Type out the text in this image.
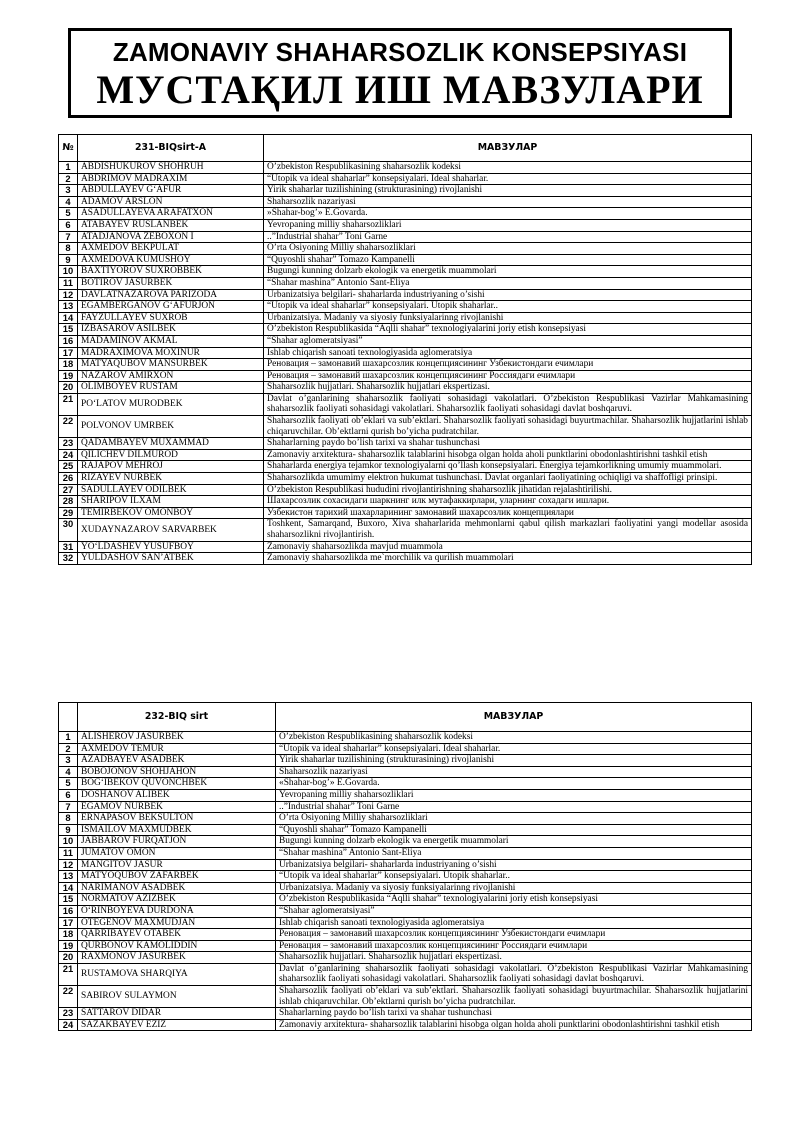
ZAMONAVIY SHAHARSOZLIK KONSEPSIYASI
МУСТАҚИЛ ИШ МАВЗУЛАРИ
№	231-BIQsirt-A	МАВЗУЛАР
1	ABDISHUKUROV SHOHRUH	O’zbekiston Respublikasining shaharsozlik kodeksi
2	ABDRIMOV MADRAXIM	“Utopik va ideal shaharlar” konsepsiyalari. Ideal shaharlar.
3	ABDULLAYEV G‘AFUR	Yirik shaharlar tuzilishining (strukturasining) rivojlanishi
4	ADAMOV ARSLON	Shaharsozlik nazariyasi
5	ASADULLAYEVA ARAFATXON	»Shahar-bog’» E.Govarda.
6	ATABAYEV RUSLANBEK	Yevropaning milliy shaharsozliklari
7	ATADJANOVA ZEBOXON I	..”Industrial shahar” Toni Garne
8	AXMEDOV BEKPULAT	O’rta Osiyoning Milliy shaharsozliklari
9	AXMEDOVA KUMUSHOY	“Quyoshli shahar” Tomazo Kampanelli
10	BAXTIYOROV SUXROBBEK	Bugungi kunning dolzarb ekologik va energetik muammolari
11	BOTIROV JASURBEK	“Shahar mashina” Antonio Sant-Eliya
12	DAVLATNAZAROVA PARIZODA	Urbanizatsiya belgilari- shaharlarda industriyaning o’sishi
13	EGAMBERGANOV G‘AFURJON	“Utopik va ideal shaharlar” konsepsiyalari. Utopik shaharlar..
14	FAYZULLAYEV SUXROB	Urbanizatsiya. Madaniy va siyosiy funksiyalarinng rivojlanishi
15	IZBASAROV ASILBEK	O’zbekiston Respublikasida “Aqlli shahar” texnologiyalarini joriy etish konsepsiyasi
16	MADAMINOV AKMAL	“Shahar aglomeratsiyasi”
17	MADRAXIMOVA MOXINUR	Ishlab chiqarish sanoati texnologiyasida aglomeratsiya
18	MATYAQUBOV MANSURBEK	Реновация – замонавий шахарсозлик концепциясининг Узбекистондаги ечимлари
19	NAZAROV AMIRXON	Реновация – замонавий шахарсозлик концепциясининг Россиядаги ечимлари
20	OLIMBOYEV RUSTAM	Shaharsozlik hujjatlari. Shaharsozlik hujjatlari ekspertizasi.
21	PO‘LATOV MURODBEK	Davlat o’ganlarining shaharsozlik faoliyati sohasidagi vakolatlari. O’zbekiston Respublikasi Vazirlar Mahkamasining shaharsozlik faoliyati sohasidagi vakolatlari. Shaharsozlik faoliyati sohasidagi davlat boshqaruvi.
22	POLVONOV UMRBEK	Shaharsozlik faoliyati ob’eklari va sub’ektlari. Shaharsozlik faoliyati sohasidagi buyurtmachilar. Shaharsozlik hujjatlarini ishlab chiqaruvchilar. Ob’ektlarni qurish bo’yicha pudratchilar.
23	QADAMBAYEV MUXAMMAD	Shaharlarning paydo bo’lish tarixi va shahar tushunchasi
24	QILICHEV DILMUROD	Zamonaviy arxitektura- shaharsozlik talablarini hisobga olgan holda aholi punktlarini obodonlashtirishni tashkil etish
25	RAJAPOV MEHROJ	Shaharlarda energiya tejamkor texnologiyalarni qo’llash konsepsiyalari. Energiya tejamkorlikning umumiy muammolari.
26	RIZAYEV NURBEK	Shaharsozlikda umumimy elektron hukumat tushunchasi. Davlat organlari faoliyatining ochiqligi va shaffofligi prinsipi.
27	SADULLAYEV ODILBEK	O’zbekiston Respublikasi hududini rivojlantirishning shaharsozlik jihatidan rejalashtirilishi.
28	SHARIPOV ILXAM	Шахарсозлик сохасидаги шаркнинг илк мутафаккирлари, уларнинг сохадаги ишлари.
29	TEMIRBEKOV OMONBOY	Узбекистон тарихий шахарларининг замонавий шахарсозлик концепциялари
30	XUDAYNAZAROV SARVARBEK	Toshkent, Samarqand, Buxoro, Xiva shaharlarida mehmonlarni qabul qilish markazlari faoliyatini yangi modellar asosida shaharsozlikni rivojlantirish.
31	YO‘LDASHEV YUSUFBOY	Zamonaviy shaharsozlikda mavjud muammola
32	YULDASHOV SAN’ATBEK	Zamonaviy shaharsozlikda me`morchilik va qurilish muammolari
	232-BIQ sirt	МАВЗУЛАР
1	ALISHEROV JASURBEK	O’zbekiston Respublikasining shaharsozlik kodeksi
2	AXMEDOV TEMUR	“Utopik va ideal shaharlar” konsepsiyalari. Ideal shaharlar.
3	AZADBAYEV ASADBEK	Yirik shaharlar tuzilishining (strukturasining) rivojlanishi
4	BOBOJONOV SHOHJAHON	Shaharsozlik nazariyasi
5	BOG‘IBEKOV QUVONCHBEK	«Shahar-bog’» E.Govarda.
6	DOSHANOV ALIBEK	Yevropaning milliy shaharsozliklari
7	EGAMOV NURBEK	..”Industrial shahar” Toni Garne
8	ERNAPASOV BEKSULTON	O’rta Osiyoning Milliy shaharsozliklari
9	ISMAILOV MAXMUDBEK	“Quyoshli shahar” Tomazo Kampanelli
10	JABBAROV FURQATJON	Bugungi kunning dolzarb ekologik va energetik muammolari
11	JUMATOV OMON	“Shahar mashina” Antonio Sant-Eliya
12	MANGITOV JASUR	Urbanizatsiya belgilari- shaharlarda industriyaning o’sishi
13	MATYOQUBOV ZAFARBEK	“Utopik va ideal shaharlar” konsepsiyalari. Utopik shaharlar..
14	NARIMANOV ASADBEK	Urbanizatsiya. Madaniy va siyosiy funksiyalarinng rivojlanishi
15	NORMATOV AZIZBEK	O’zbekiston Respublikasida “Aqlli shahar” texnologiyalarini joriy etish konsepsiyasi
16	O‘RINBOYEVA DURDONA	“Shahar aglomeratsiyasi”
17	OTEGENOV MAXMUDJAN	Ishlab chiqarish sanoati texnologiyasida aglomeratsiya
18	QARRIBAYEV OTABEK	Реновация – замонавий шахарсозлик концепциясининг Узбекистондаги ечимлари
19	QURBONOV KAMOLIDDIN	Реновация – замонавий шахарсозлик концепциясининг Россиядаги ечимлари
20	RAXMONOV JASURBEK	Shaharsozlik hujjatlari. Shaharsozlik hujjatlari ekspertizasi.
21	RUSTAMOVA SHARQIYA	Davlat o’ganlarining shaharsozlik faoliyati sohasidagi vakolatlari. O’zbekiston Respublikasi Vazirlar Mahkamasining shaharsozlik faoliyati sohasidagi vakolatlari. Shaharsozlik faoliyati sohasidagi davlat boshqaruvi.
22	SABIROV SULAYMON	Shaharsozlik faoliyati ob’eklari va sub’ektlari. Shaharsozlik faoliyati sohasidagi buyurtmachilar. Shaharsozlik hujjatlarini ishlab chiqaruvchilar. Ob’ektlarni qurish bo’yicha pudratchilar.
23	SATTAROV DIDAR	Shaharlarning paydo bo’lish tarixi va shahar tushunchasi
24	SAZAKBAYEV EZIZ	Zamonaviy arxitektura- shaharsozlik talablarini hisobga olgan holda aholi punktlarini obodonlashtirishni tashkil etish
